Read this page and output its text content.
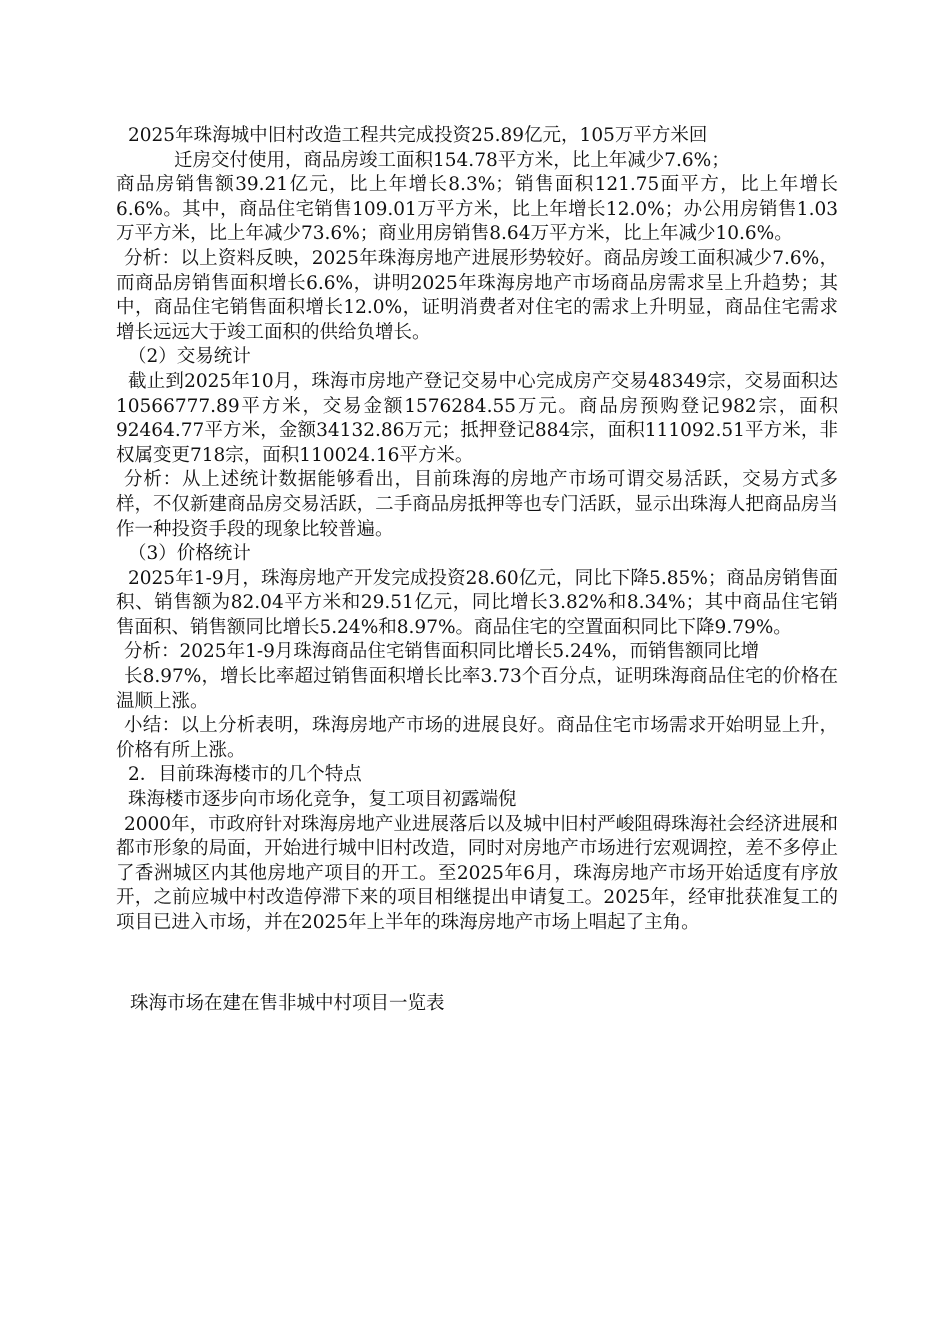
2025年珠海城中旧村改造工程共完成投资25.89亿元，105万平方米回

迁房交付使用，商品房竣工面积154.78平方米，比上年减少7.6%；

商品房销售额39.21亿元，比上年增长8.3%；销售面积121.75面平方，比上年增长6.6%。其中，商品住宅销售109.01万平方米，比上年增长12.0%；办公用房销售1.03万平方米，比上年减少73.6%；商业用房销售8.64万平方米，比上年减少10.6%。

分析：以上资料反映，2025年珠海房地产进展形势较好。商品房竣工面积减少7.6%，而商品房销售面积增长6.6%，讲明2025年珠海房地产市场商品房需求呈上升趋势；其中，商品住宅销售面积增长12.0%，证明消费者对住宅的需求上升明显，商品住宅需求增长远远大于竣工面积的供给负增长。

（2）交易统计

截止到2025年10月，珠海市房地产登记交易中心完成房产交易48349宗，交易面积达10566777.89平方米，交易金额1576284.55万元。商品房预购登记982宗，面积92464.77平方米，金额34132.86万元；抵押登记884宗，面积111092.51平方米，非权属变更718宗，面积110024.16平方米。

分析：从上述统计数据能够看出，目前珠海的房地产市场可谓交易活跃，交易方式多样，不仅新建商品房交易活跃，二手商品房抵押等也专门活跃，显示出珠海人把商品房当作一种投资手段的现象比较普遍。

（3）价格统计

2025年1-9月，珠海房地产开发完成投资28.60亿元，同比下降5.85%；商品房销售面积、销售额为82.04平方米和29.51亿元，同比增长3.82%和8.34%；其中商品住宅销售面积、销售额同比增长5.24%和8.97%。商品住宅的空置面积同比下降9.79%。

分析：2025年1-9月珠海商品住宅销售面积同比增长5.24%，而销售额同比增

长8.97%，增长比率超过销售面积增长比率3.73个百分点，证明珠海商品住宅的价格在温顺上涨。

小结：以上分析表明，珠海房地产市场的进展良好。商品住宅市场需求开始明显上升，价格有所上涨。

2．目前珠海楼市的几个特点

珠海楼市逐步向市场化竞争，复工项目初露端倪

2000年，市政府针对珠海房地产业进展落后以及城中旧村严峻阻碍珠海社会经济进展和都市形象的局面，开始进行城中旧村改造，同时对房地产市场进行宏观调控，差不多停止了香洲城区内其他房地产项目的开工。至2025年6月，珠海房地产市场开始适度有序放开，之前应城中村改造停滞下来的项目相继提出申请复工。2025年，经审批获准复工的项目已进入市场，并在2025年上半年的珠海房地产市场上唱起了主角。

珠海市场在建在售非城中村项目一览表
